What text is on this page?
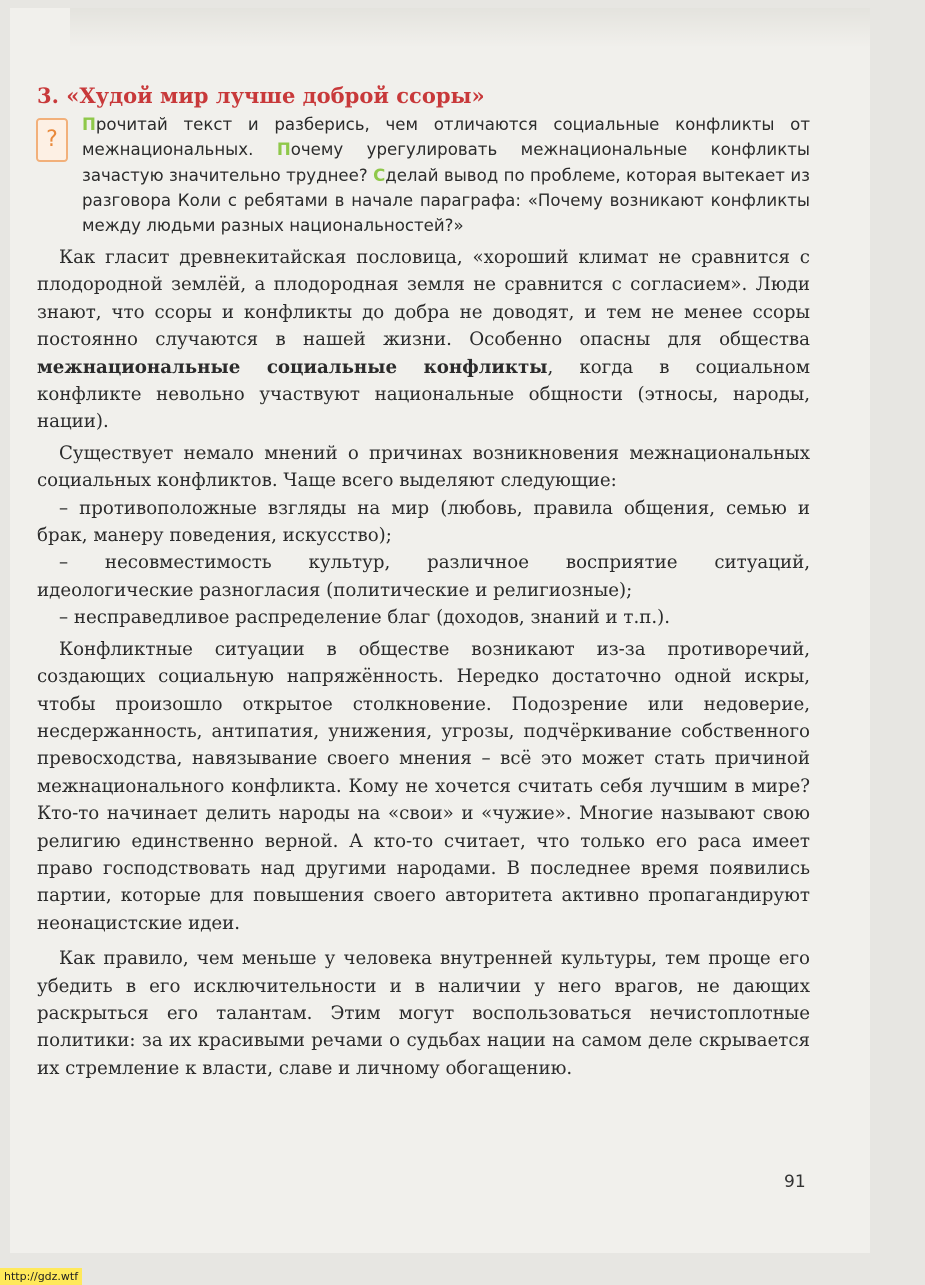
3. «Худой мир лучше доброй ссоры»
?

Прочитай текст и разберись, чем отличаются социальные конфликты от межнациональных. Почему урегулировать межнациональные конфликты зачастую значительно труднее? Сделай вывод по проблеме, которая вытекает из разговора Коли с ребятами в начале параграфа: «Почему возникают конфликты между людьми разных национальностей?»

Как гласит древнекитайская пословица, «хороший климат не сравнится с плодородной землёй, а плодородная земля не сравнится с согласием». Люди знают, что ссоры и конфликты до добра не доводят, и тем не менее ссоры постоянно случаются в нашей жизни. Особенно опасны для общества межнациональные социальные конфликты, когда в социальном конфликте невольно участвуют национальные общности (этносы, народы, нации).

Существует немало мнений о причинах возникновения межнациональных социальных конфликтов. Чаще всего выделяют следующие:

– противоположные взгляды на мир (любовь, правила общения, семью и брак, манеру поведения, искусство);

– несовместимость культур, различное восприятие ситуаций, идеологические разногласия (политические и религиозные);

– несправедливое распределение благ (доходов, знаний и т.п.).

Конфликтные ситуации в обществе возникают из-за противоречий, создающих социальную напряжённость. Нередко достаточно одной искры, чтобы произошло открытое столкновение. Подозрение или недоверие, несдержанность, антипатия, унижения, угрозы, подчёркивание собственного превосходства, навязывание своего мнения – всё это может стать причиной межнационального конфликта. Кому не хочется считать себя лучшим в мире? Кто-то начинает делить народы на «свои» и «чужие». Многие называют свою религию единственно верной. А кто-то считает, что только его раса имеет право господствовать над другими народами. В последнее время появились партии, которые для повышения своего авторитета активно пропагандируют неонацистские идеи.

Как правило, чем меньше у человека внутренней культуры, тем проще его убедить в его исключительности и в наличии у него врагов, не дающих раскрыться его талантам. Этим могут воспользоваться нечистоплотные политики: за их красивыми речами о судьбах нации на самом деле скрывается их стремление к власти, славе и личному обогащению.

91
http://gdz.wtf
